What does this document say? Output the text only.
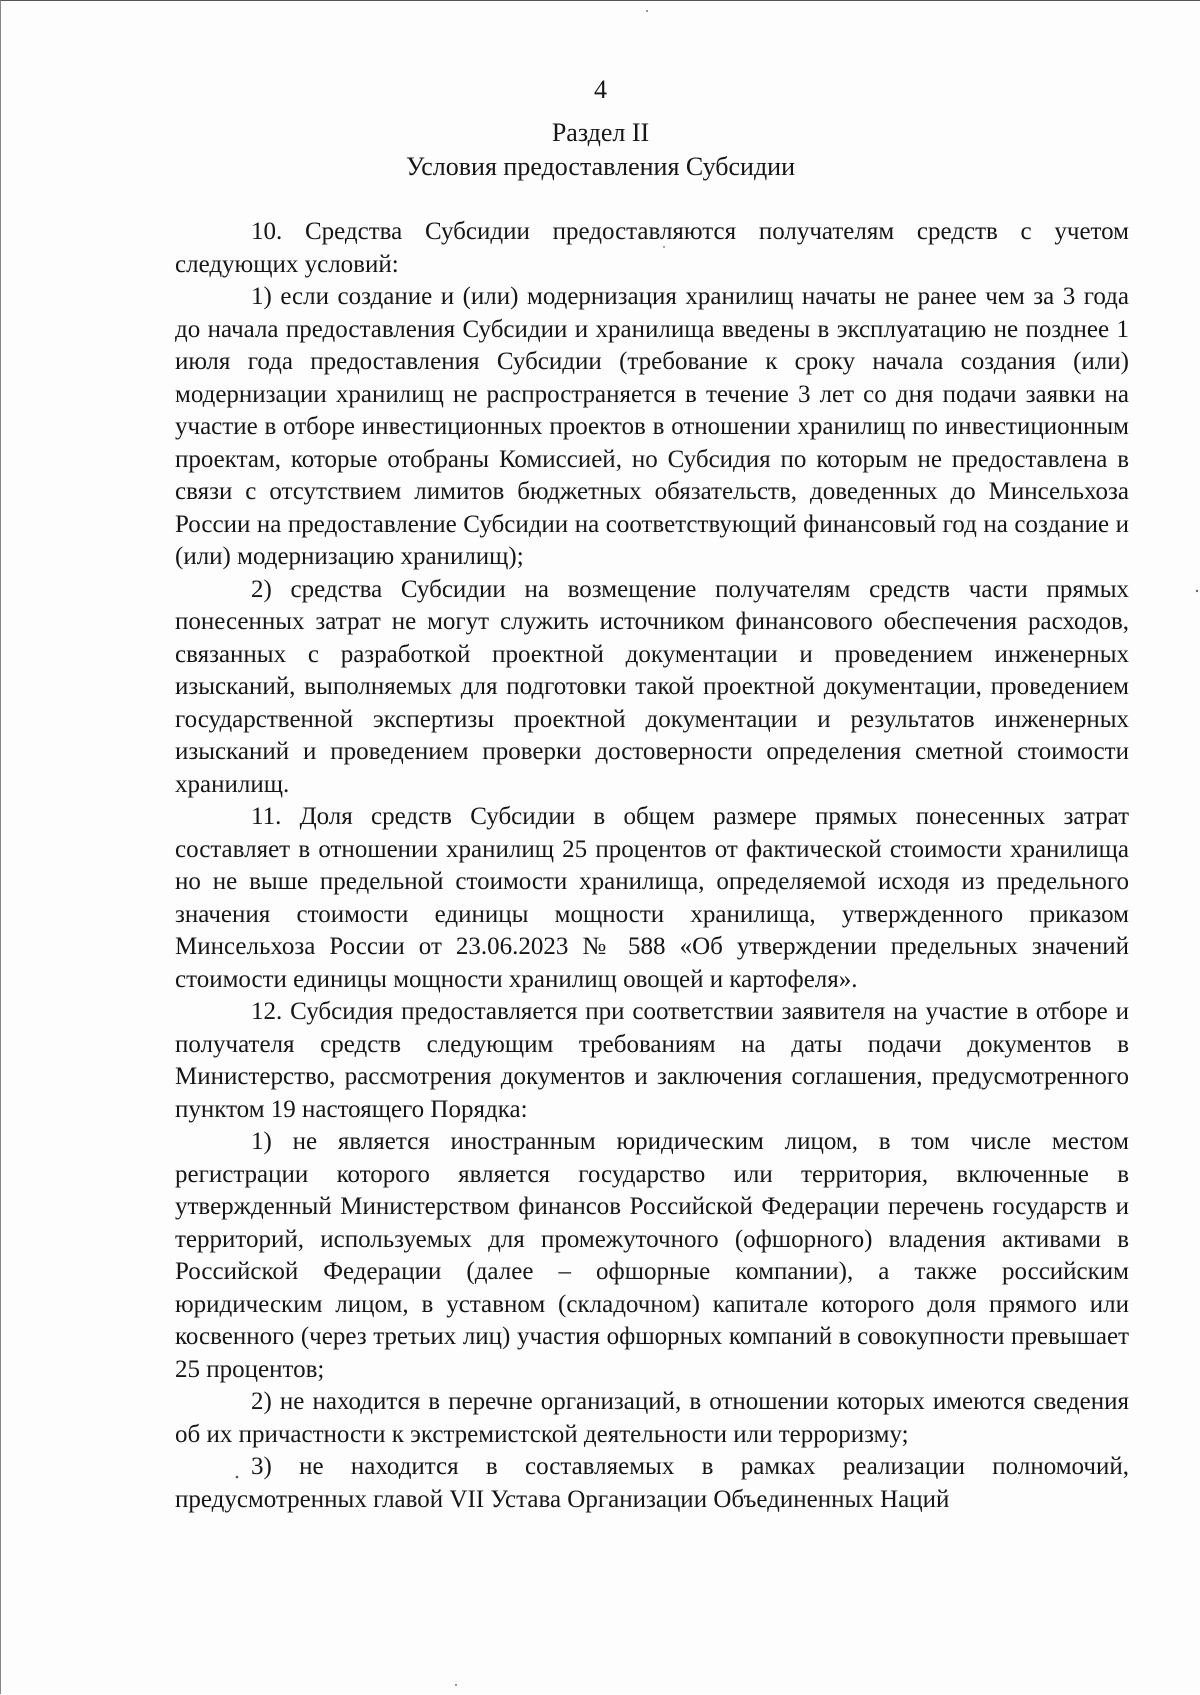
4
Раздел II
Условия предоставления Субсидии

10. Средства Субсидии предоставляются получателям средств с учетом следующих условий:

1) если создание и (или) модернизация хранилищ начаты не ранее чем за 3 года до начала предоставления Субсидии и хранилища введены в эксплуатацию не позднее 1 июля года предоставления Субсидии (требование к сроку начала создания (или) модернизации хранилищ не распространяется в течение 3 лет со дня подачи заявки на участие в отборе инвестиционных проектов в отношении хранилищ по инвестиционным проектам, которые отобраны Комиссией, но Субсидия по которым не предоставлена в связи с отсутствием лимитов бюджетных обязательств, доведенных до Минсельхоза России на предоставление Субсидии на соответствующий финансовый год на создание и (или) модернизацию хранилищ);

2) средства Субсидии на возмещение получателям средств части прямых понесенных затрат не могут служить источником финансового обеспечения расходов, связанных с разработкой проектной документации и проведением инженерных изысканий, выполняемых для подготовки такой проектной документации, проведением государственной экспертизы проектной документации и результатов инженерных изысканий и проведением проверки достоверности определения сметной стоимости хранилищ.

11. Доля средств Субсидии в общем размере прямых понесенных затрат составляет в отношении хранилищ 25 процентов от фактической стоимости хранилища но не выше предельной стоимости хранилища, определяемой исходя из предельного значения стоимости единицы мощности хранилища, утвержденного приказом Минсельхоза России от 23.06.2023 № 588 «Об утверждении предельных значений стоимости единицы мощности хранилищ овощей и картофеля».

12. Субсидия предоставляется при соответствии заявителя на участие в отборе и получателя средств следующим требованиям на даты подачи документов в Министерство, рассмотрения документов и заключения соглашения, предусмотренного пунктом 19 настоящего Порядка:

1) не является иностранным юридическим лицом, в том числе местом регистрации которого является государство или территория, включенные в утвержденный Министерством финансов Российской Федерации перечень государств и территорий, используемых для промежуточного (офшорного) владения активами в Российской Федерации (далее – офшорные компании), а также российским юридическим лицом, в уставном (складочном) капитале которого доля прямого или косвенного (через третьих лиц) участия офшорных компаний в совокупности превышает 25 процентов;

2) не находится в перечне организаций, в отношении которых имеются сведения об их причастности к экстремистской деятельности или терроризму;

3) не находится в составляемых в рамках реализации полномочий, предусмотренных главой VII Устава Организации Объединенных Наций
